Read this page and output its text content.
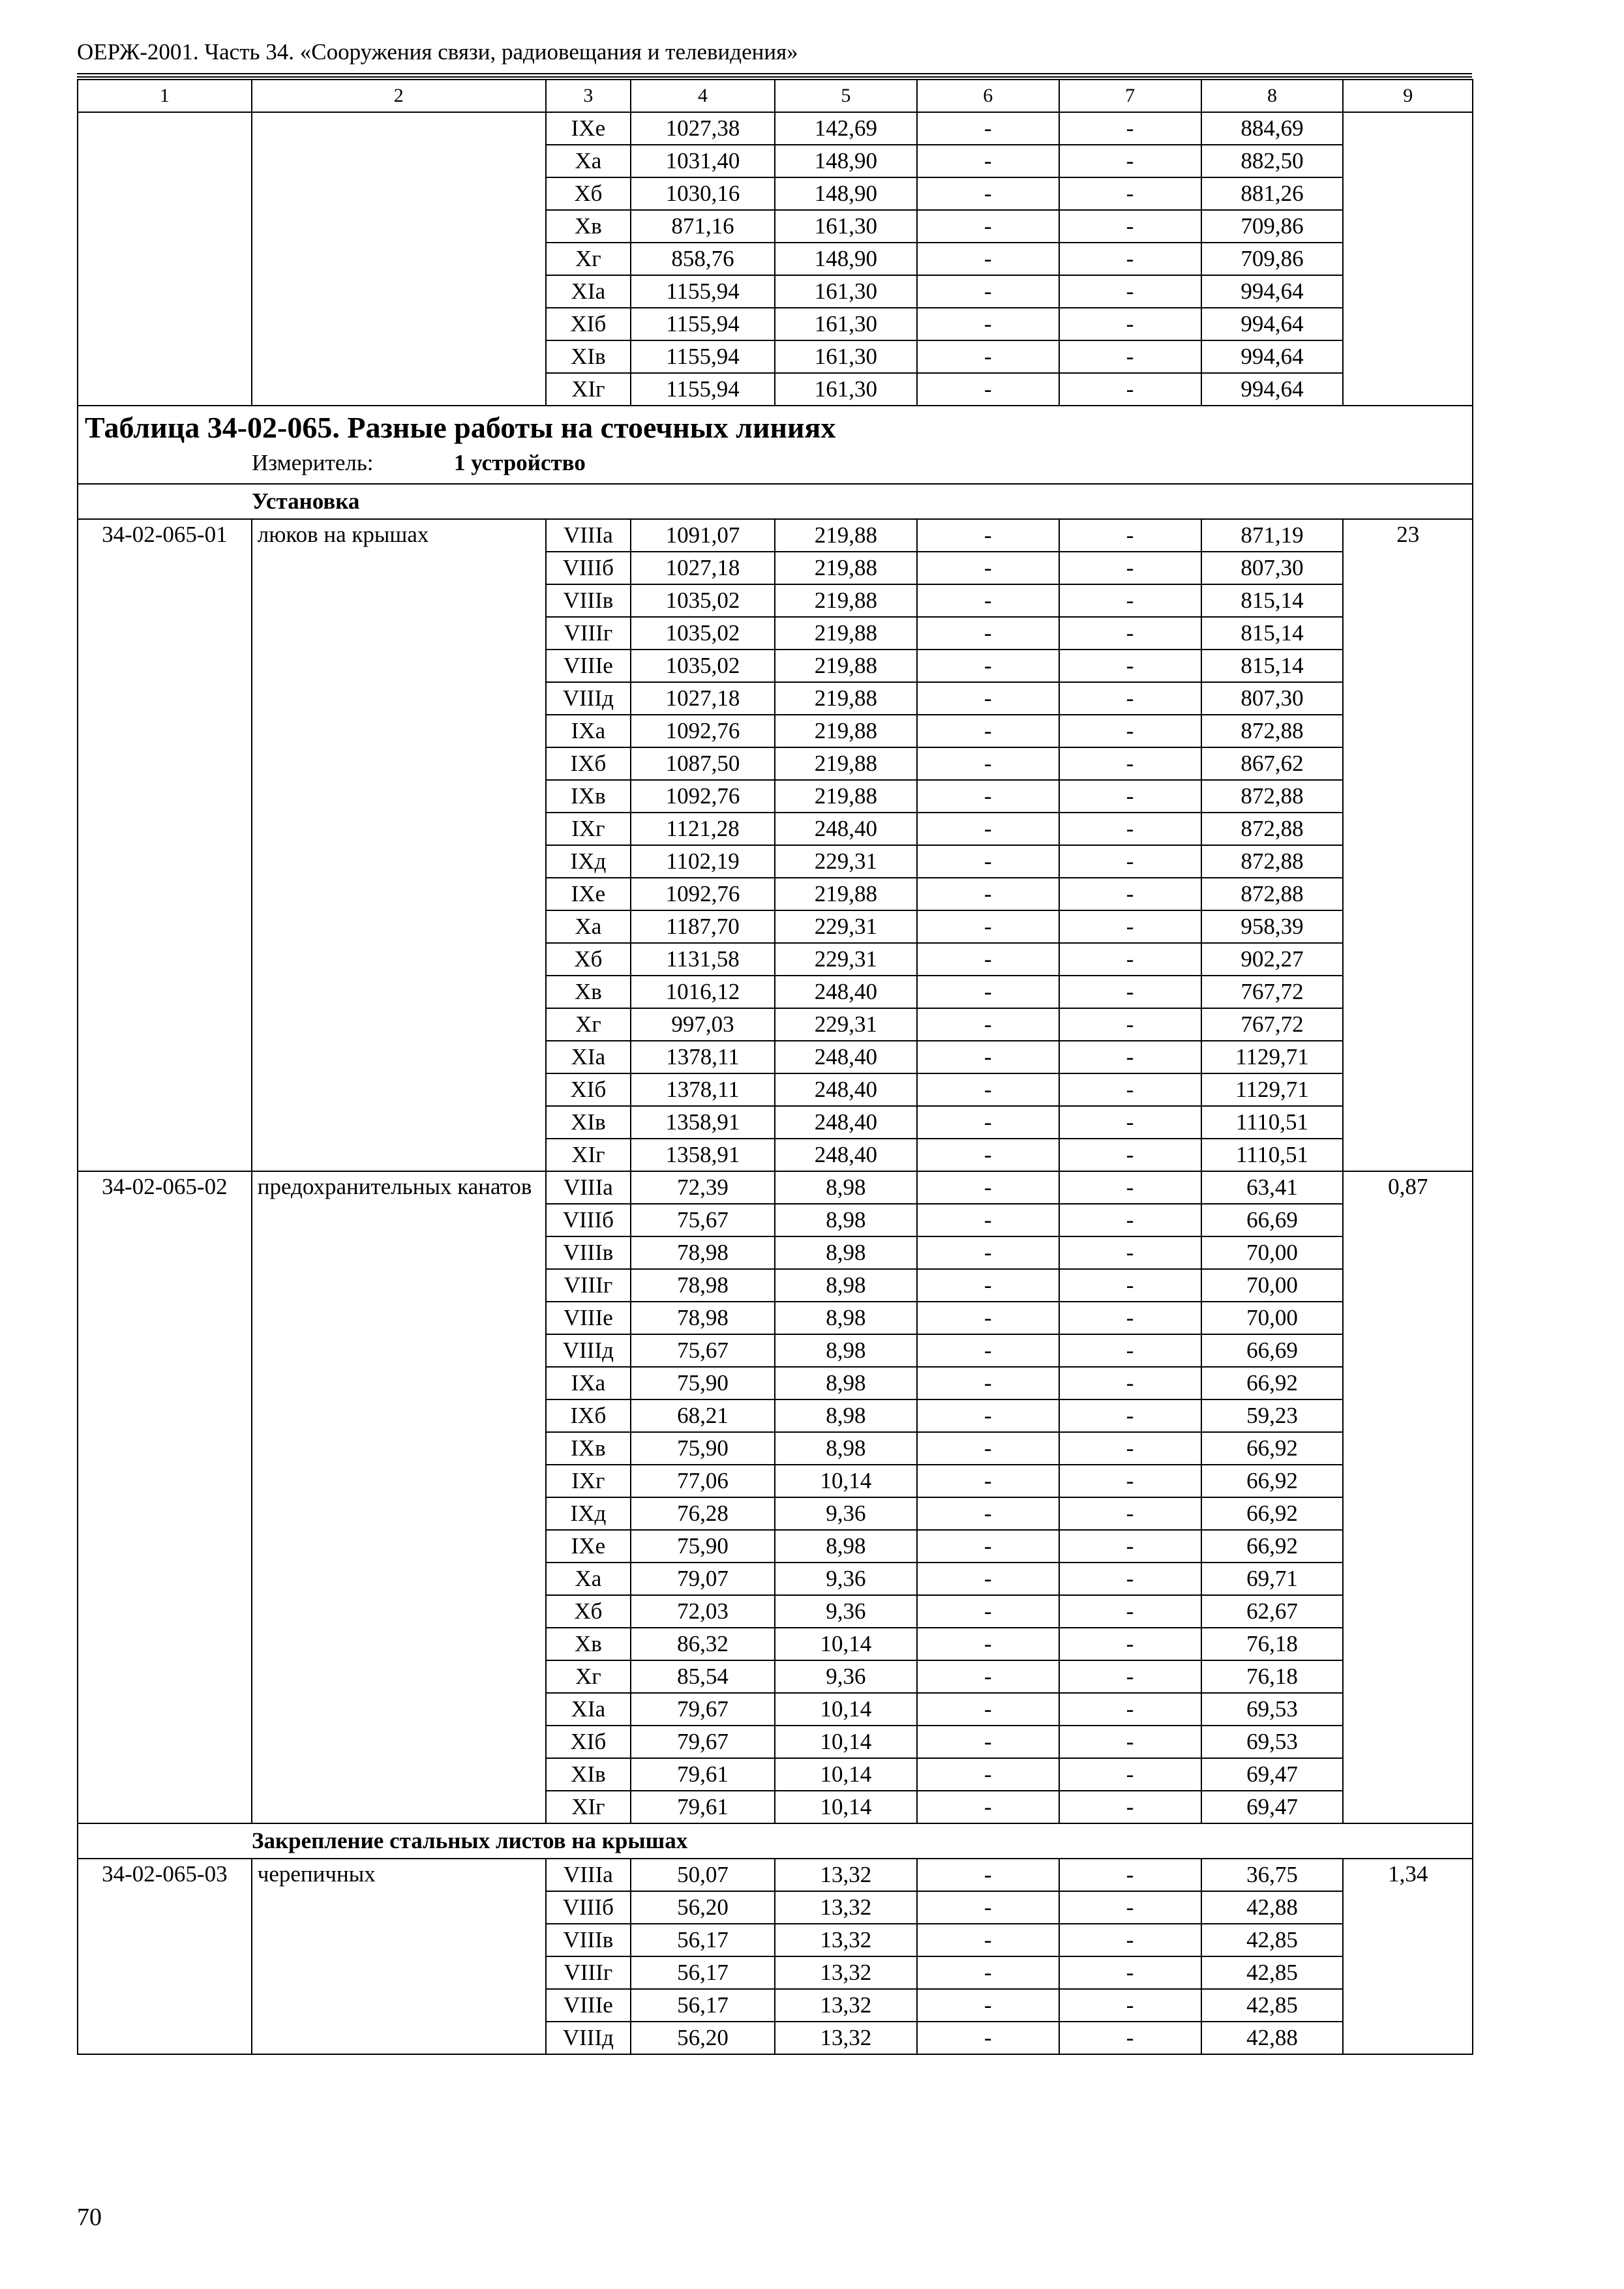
ОЕРЖ-2001. Часть 34. «Сооружения связи, радиовещания и телевидения»
1	2	3	4	5	6	7	8	9
		IXе	1027,38	142,69	-	-	884,69	
		Xа	1031,40	148,90	-	-	882,50	
		Xб	1030,16	148,90	-	-	881,26	
		Xв	871,16	161,30	-	-	709,86	
		Xг	858,76	148,90	-	-	709,86	
		XIа	1155,94	161,30	-	-	994,64	
		XIб	1155,94	161,30	-	-	994,64	
		XIв	1155,94	161,30	-	-	994,64	
		XIг	1155,94	161,30	-	-	994,64	

Таблица 34-02-065. Разные работы на стоечных линиях
Измеритель: 1 устройство								

Установка								

34-02-065-01	люков на крышах	VIIIа	1091,07	219,88	-	-	871,19	23
		VIIIб	1027,18	219,88	-	-	807,30	
		VIIIв	1035,02	219,88	-	-	815,14	
		VIIIг	1035,02	219,88	-	-	815,14	
		VIIIе	1035,02	219,88	-	-	815,14	
		VIIIд	1027,18	219,88	-	-	807,30	
		IXа	1092,76	219,88	-	-	872,88	
		IXб	1087,50	219,88	-	-	867,62	
		IXв	1092,76	219,88	-	-	872,88	
		IXг	1121,28	248,40	-	-	872,88	
		IXд	1102,19	229,31	-	-	872,88	
		IXе	1092,76	219,88	-	-	872,88	
		Xа	1187,70	229,31	-	-	958,39	
		Xб	1131,58	229,31	-	-	902,27	
		Xв	1016,12	248,40	-	-	767,72	
		Xг	997,03	229,31	-	-	767,72	
		XIа	1378,11	248,40	-	-	1129,71	
		XIб	1378,11	248,40	-	-	1129,71	
		XIв	1358,91	248,40	-	-	1110,51	
		XIг	1358,91	248,40	-	-	1110,51	
34-02-065-02	предохранительных канатов	VIIIа	72,39	8,98	-	-	63,41	0,87
		VIIIб	75,67	8,98	-	-	66,69	
		VIIIв	78,98	8,98	-	-	70,00	
		VIIIг	78,98	8,98	-	-	70,00	
		VIIIе	78,98	8,98	-	-	70,00	
		VIIIд	75,67	8,98	-	-	66,69	
		IXа	75,90	8,98	-	-	66,92	
		IXб	68,21	8,98	-	-	59,23	
		IXв	75,90	8,98	-	-	66,92	
		IXг	77,06	10,14	-	-	66,92	
		IXд	76,28	9,36	-	-	66,92	
		IXе	75,90	8,98	-	-	66,92	
		Xа	79,07	9,36	-	-	69,71	
		Xб	72,03	9,36	-	-	62,67	
		Xв	86,32	10,14	-	-	76,18	
		Xг	85,54	9,36	-	-	76,18	
		XIа	79,67	10,14	-	-	69,53	
		XIб	79,67	10,14	-	-	69,53	
		XIв	79,61	10,14	-	-	69,47	
		XIг	79,61	10,14	-	-	69,47	

Закрепление стальных листов на крышах								

34-02-065-03	черепичных	VIIIа	50,07	13,32	-	-	36,75	1,34
		VIIIб	56,20	13,32	-	-	42,88	
		VIIIв	56,17	13,32	-	-	42,85	
		VIIIг	56,17	13,32	-	-	42,85	
		VIIIе	56,17	13,32	-	-	42,85	
		VIIIд	56,20	13,32	-	-	42,88	
70
